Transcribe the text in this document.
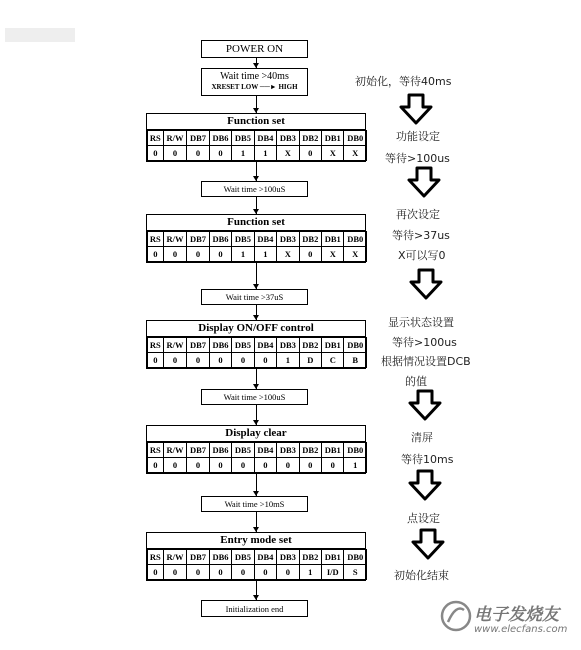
POWER ON
Wait time >40ms
XRESET LOW ──► HIGH
Function set
RS	R/W	DB7	DB6	DB5	DB4	DB3	DB2	DB1	DB0
0	0	0	0	1	1	X	0	X	X
Wait time >100uS
Function set
RS	R/W	DB7	DB6	DB5	DB4	DB3	DB2	DB1	DB0
0	0	0	0	1	1	X	0	X	X
Wait time >37uS
Display ON/OFF control
RS	R/W	DB7	DB6	DB5	DB4	DB3	DB2	DB1	DB0
0	0	0	0	0	0	1	D	C	B
Wait time >100uS
Display clear
RS	R/W	DB7	DB6	DB5	DB4	DB3	DB2	DB1	DB0
0	0	0	0	0	0	0	0	0	1
Wait time >10mS
Entry mode set
RS	R/W	DB7	DB6	DB5	DB4	DB3	DB2	DB1	DB0
0	0	0	0	0	0	0	1	I/D	S
Initialization end
初始化，等待40ms
功能设定
等待>100us
再次设定
等待>37us
X可以写0
显示状态设置
等待>100us
根据情况设置DCB
的值
清屏
等待10ms
点设定
初始化结束
电子发烧友
www.elecfans.com
